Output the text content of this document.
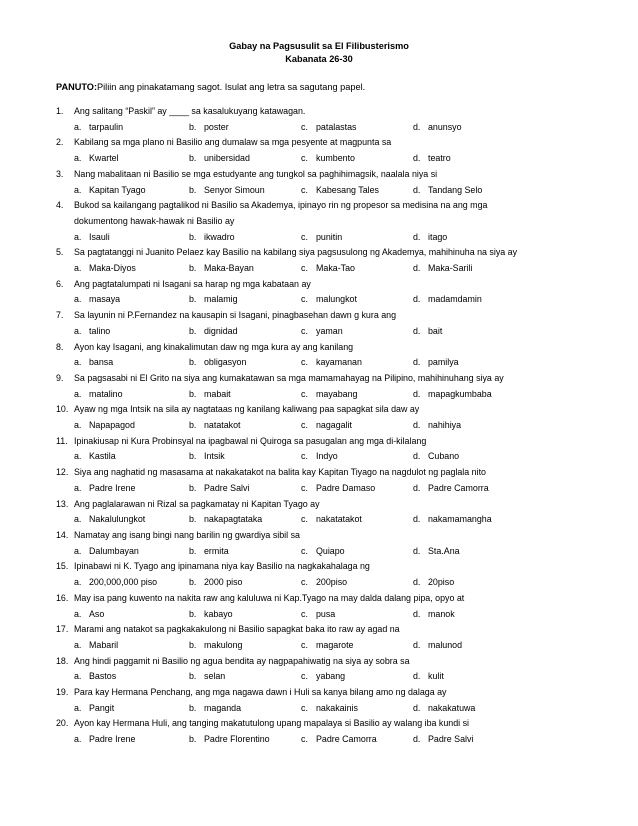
Gabay na Pagsusulit sa El Filibusterismo
Kabanata 26-30
PANUTO:Piliin ang pinakatamang sagot. Isulat ang letra sa sagutang papel.
1.	Ang salitang “Paskil” ay ____ sa kasalukuyang katawagan.
a. tarpaulin	b. poster	c. patalastas	d. anunsyo
2.	Kabilang sa mga plano ni Basilio ang dumalaw sa mga pesyente at magpunta sa
a. Kwartel	b. unibersidad	c. kumbento	d. teatro
3.	Nang mabalitaan ni Basilio se mga estudyante ang tungkol sa paghihimagsik, naalala niya si
a. Kapitan Tyago	b. Senyor Simoun	c. Kabesang Tales	d. Tandang Selo
4.	Bukod sa kailangang pagtalikod ni Basilio sa Akademya, ipinayo rin ng propesor sa medisina na ang mga
dokumentong hawak-hawak ni Basilio ay
a. Isauli	b. ikwadro	c. punitin	d. itago
5.	Sa pagtatanggi ni Juanito Pelaez kay Basilio na kabilang siya pagsusulong ng Akademya, mahihinuha na siya ay
a. Maka-Diyos	b. Maka-Bayan	c. Maka-Tao	d. Maka-Sarili
6.	Ang pagtatalumpati ni Isagani sa harap ng mga kabataan ay
a. masaya	b. malamig	c. malungkot	d. madamdamin
7.	Sa layunin ni P.Fernandez na kausapin si Isagani, pinagbasehan dawn g kura ang
a. talino	b. dignidad	c. yaman	d. bait
8.	Ayon kay Isagani, ang kinakalimutan daw ng mga kura ay ang kanilang
a. bansa	b. obligasyon	c. kayamanan	d. pamilya
9.	Sa pagsasabi ni El Grito na siya ang kumakatawan sa mga mamamahayag na Pilipino, mahihinuhang siya ay
a. matalino	b. mabait	c. mayabang	d. mapagkumbaba
10. Ayaw ng mga Intsik na sila ay nagtataas ng kanilang kaliwang paa sapagkat sila daw ay
a. Napapagod	b. natatakot	c. nagagalit	d. nahihiya
11. Ipinakiusap ni Kura Probinsyal na ipagbawal ni Quiroga sa pasugalan ang mga di-kilalang
a. Kastila	b. Intsik	c. Indyo	d. Cubano
12. Siya ang naghatid ng masasama at nakakatakot na balita kay Kapitan Tiyago na nagdulot ng paglala nito
a. Padre Irene	b. Padre Salvi	c. Padre Damaso	d. Padre Camorra
13. Ang paglalarawan ni Rizal sa pagkamatay ni Kapitan Tyago ay
a. Nakalulungkot	b. nakapagtataka	c. nakatatakot	d. nakamamangha
14. Namatay ang isang bingi nang barilin ng gwardiya sibil sa
a. Dalumbayan	b. ermita	c. Quiapo	d. Sta.Ana
15. Ipinabawi ni K. Tyago ang ipinamana niya kay Basilio na nagkakahalaga ng
a. 200,000,000 piso	b. 2000 piso	c. 200piso	d. 20piso
16. May isa pang kuwento na nakita raw ang kaluluwa ni Kap.Tyago na may dalda dalang pipa, opyo at
a. Aso	b. kabayo	c. pusa	d. manok
17. Marami ang natakot sa pagkakakulong ni Basilio sapagkat baka ito raw ay agad na
a. Mabaril	b. makulong	c. magarote	d. malunod
18. Ang hindi paggamit ni Basilio ng agua bendita ay nagpapahiwatig na siya ay sobra sa
a. Bastos	b. selan	c. yabang	d. kulit
19. Para kay Hermana Penchang, ang mga nagawa dawn i Huli sa kanya bilang amo ng dalaga ay
a. Pangit	b. maganda	c. nakakainis	d. nakakatuwa
20. Ayon kay Hermana Huli, ang tanging makatutulong upang mapalaya si Basilio ay walang iba kundi si
a. Padre Irene	b. Padre Florentino	c. Padre Camorra	d. Padre Salvi
